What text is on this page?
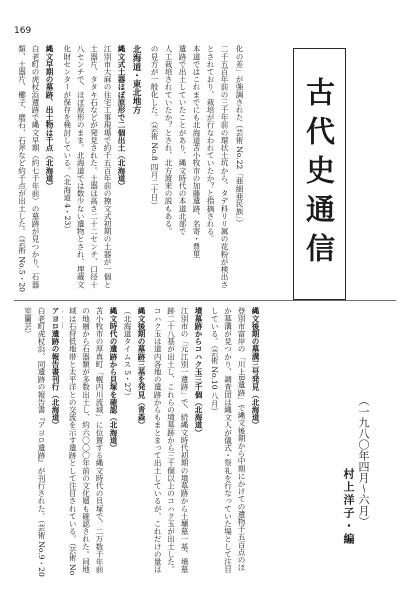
169
化の差」が強調された（芸術 No.22「亜細亜民族」）
二千五百年前の三千年前の環状土坑から、タデ科リリ属の花粉が検出さ
とされており、栽培が行なわれていたか？と指摘される。
本道ではこれまでにも北海道苫小牧市の加藤遺跡、名寄・豊里
遺跡で出土していたことがあり、縄文時代の本道北部で
人工栽培されていたか？とされ、北方渡来の説もある。
の見方が一般化した。（芸術 No.8 四月二十日）
北海道・東北地方
縄文式土器ほぼ原形で二個出土（北海道）
江別市大麻の住宅工事現場で約千五百年前の擦文式初期の土器が一個と土器片、タタキ石などが発見された。土器は高さ二十二センチ、口径十八センチで、ほぼ原形のまま。北海道では数少ない遺物とされ、埋蔵文化財センターが保存を検討している。（北海道 4・23）
縄文早期の墓跡、出土物は千点（北海道）
白老町の虎杖浜遺跡で縄文早期（約七千年前）の墓跡が見つかり、石器類、土器片、櫛子、磨石、石斧など約千点が出土した。（芸術 No.5・20
古代史通信
（一九八〇年四月〜六月）
村上洋子・編
縄文後期の墓溝三号発見（北海道）
登別市富岸の「川上B遺跡」で縄文後期から中期にかけての遺物千五百点のほか墓溝が見つかり、調査団は縄文人が儀式・祭礼を行なっていた場として注目している。（芸術 No.10 八月）
墳墓跡からコハク玉三千個（北海道）
江別市の「元江別一遺跡」で、続縄文時代初期の墳墓跡から土壙墓一基、墳墓跡二十八基が出土し、これらの墳墓跡から三千個以上のコハク玉が出土した。コハク玉は道内各地の遺跡からもまとまって出土しているが、これだけの量は
縄文後期の墓跡三基を発見（青森）
（北海道タイムス 5・27）
縄文時代の遺跡から貝塚を確認（北海道）
苫小牧市の厚真町「幌内川流域」に位置する縄文時代の貝塚で、二万数千年前の地層から石器類が多数出土し、約六〇〇〇年前の文化層も確認された。同地域は石狩低地帯と太平洋との交流を示す遺跡として注目されている。（芸術 No
アヨロ遺跡の報告書刊行（北海道）
白老町虎杖浜、同遺跡の報告書『アヨロ遺跡』が刊行された。（芸術 No.9・20 室蘭芸）
